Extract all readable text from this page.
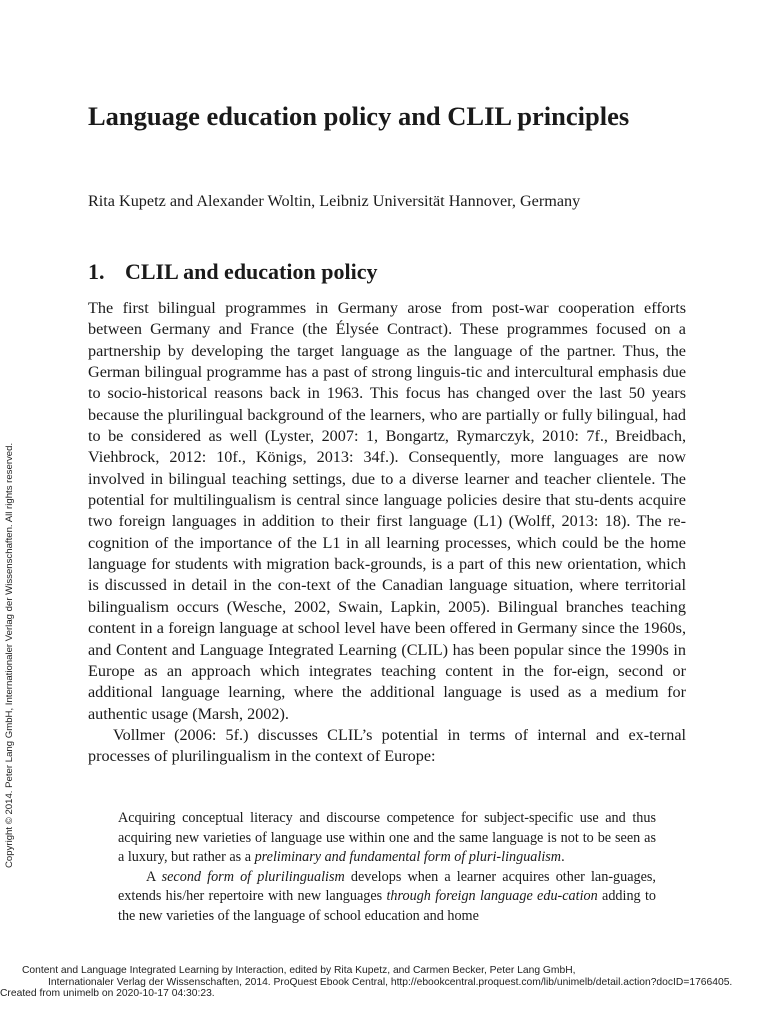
Language education policy and CLIL principles
Rita Kupetz and Alexander Woltin, Leibniz Universität Hannover, Germany
1. CLIL and education policy

The first bilingual programmes in Germany arose from post-war cooperation efforts between Germany and France (the Élysée Contract). These programmes focused on a partnership by developing the target language as the language of the partner. Thus, the German bilingual programme has a past of strong linguis-tic and intercultural emphasis due to socio-historical reasons back in 1963. This focus has changed over the last 50 years because the plurilingual background of the learners, who are partially or fully bilingual, had to be considered as well (Lyster, 2007: 1, Bongartz, Rymarczyk, 2010: 7f., Breidbach, Viehbrock, 2012: 10f., Königs, 2013: 34f.). Consequently, more languages are now involved in bilingual teaching settings, due to a diverse learner and teacher clientele. The potential for multilingualism is central since language policies desire that stu-dents acquire two foreign languages in addition to their first language (L1) (Wolff, 2013: 18). The re-cognition of the importance of the L1 in all learning processes, which could be the home language for students with migration back-grounds, is a part of this new orientation, which is discussed in detail in the con-text of the Canadian language situation, where territorial bilingualism occurs (Wesche, 2002, Swain, Lapkin, 2005). Bilingual branches teaching content in a foreign language at school level have been offered in Germany since the 1960s, and Content and Language Integrated Learning (CLIL) has been popular since the 1990s in Europe as an approach which integrates teaching content in the for-eign, second or additional language learning, where the additional language is used as a medium for authentic usage (Marsh, 2002).

Vollmer (2006: 5f.) discusses CLIL’s potential in terms of internal and ex-ternal processes of plurilingualism in the context of Europe:

Acquiring conceptual literacy and discourse competence for subject-specific use and thus acquiring new varieties of language use within one and the same language is not to be seen as a luxury, but rather as a preliminary and fundamental form of pluri-lingualism.

A second form of plurilingualism develops when a learner acquires other lan-guages, extends his/her repertoire with new languages through foreign language edu-cation adding to the new varieties of the language of school education and home

Copyright © 2014. Peter Lang GmbH, Internationaler Verlag der Wissenschaften. All rights reserved.
Content and Language Integrated Learning by Interaction, edited by Rita Kupetz, and Carmen Becker, Peter Lang GmbH,
Internationaler Verlag der Wissenschaften, 2014. ProQuest Ebook Central, http://ebookcentral.proquest.com/lib/unimelb/detail.action?docID=1766405.
Created from unimelb on 2020-10-17 04:30:23.
